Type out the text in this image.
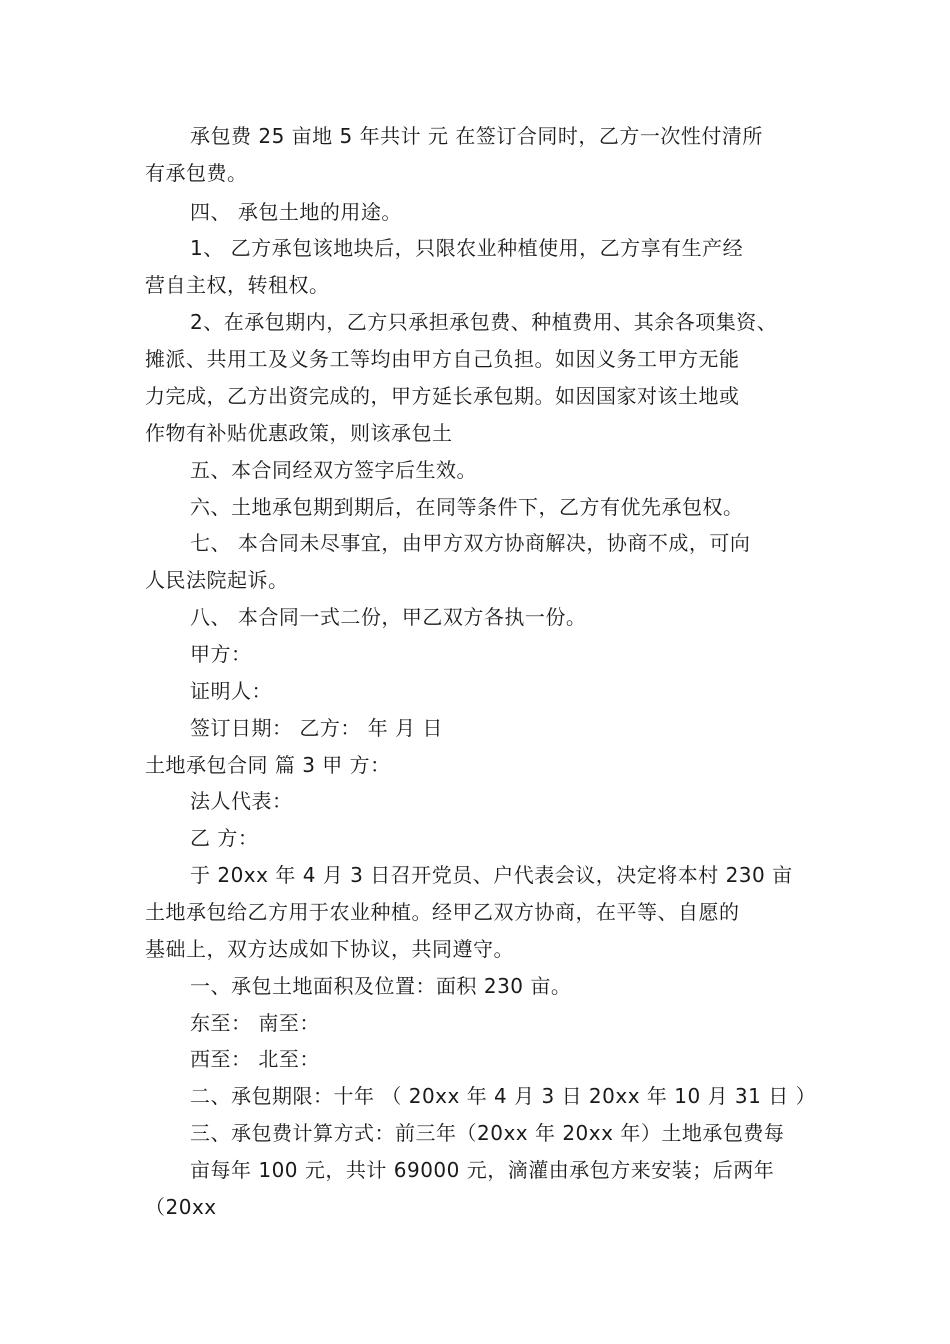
承包费 25 亩地 5 年共计 元 在签订合同时，乙方一次性付清所
有承包费。
四、 承包土地的用途。
1、 乙方承包该地块后，只限农业种植使用，乙方享有生产经
营自主权，转租权。
2、在承包期内，乙方只承担承包费、种植费用、其余各项集资、
摊派、共用工及义务工等均由甲方自己负担。如因义务工甲方无能
力完成，乙方出资完成的，甲方延长承包期。如因国家对该土地或
作物有补贴优惠政策，则该承包土
五、本合同经双方签字后生效。
六、土地承包期到期后，在同等条件下，乙方有优先承包权。
七、 本合同未尽事宜，由甲方双方协商解决，协商不成，可向
人民法院起诉。
八、 本合同一式二份，甲乙双方各执一份。
甲方：
证明人：
签订日期： 乙方： 年 月 日
土地承包合同 篇 3 甲 方：
法人代表：
乙 方：
于 20xx 年 4 月 3 日召开党员、户代表会议，决定将本村 230 亩
土地承包给乙方用于农业种植。经甲乙双方协商，在平等、自愿的
基础上，双方达成如下协议，共同遵守。
一、承包土地面积及位置：面积 230 亩。
东至： 南至：
西至： 北至：
二、承包期限：十年 （ 20xx 年 4 月 3 日 20xx 年 10 月 31 日 ）
三、承包费计算方式：前三年（20xx 年 20xx 年）土地承包费每
亩每年 100 元，共计 69000 元，滴灌由承包方来安装；后两年
（20xx
